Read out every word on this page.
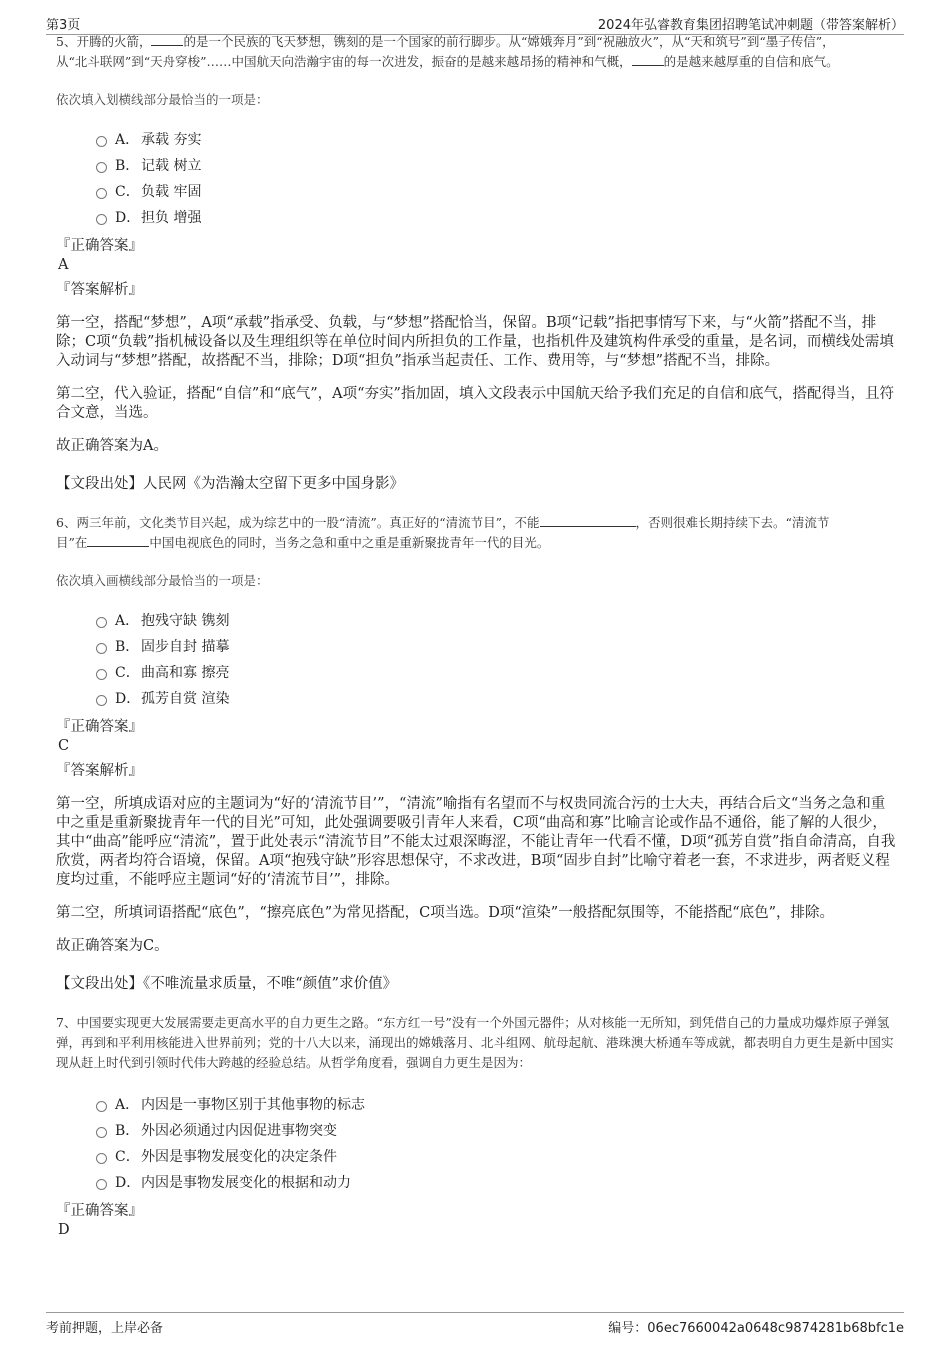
第3页	2024年弘睿教育集团招聘笔试冲刺题（带答案解析）

5、开腾的火箭，	的是一个民族的飞天梦想，镌刻的是一个国家的前行脚步。从“嫦娥奔月”到“祝融放火”，从“天和筑号”到“墨子传信”，
从“北斗联网”到“天舟穿梭”……中国航天向浩瀚宇宙的每一次进发，振奋的是越来越昂扬的精神和气概，	的是越来越厚重的自信和底气。

依次填入划横线部分最恰当的一项是：

A． 承载 夯实
B． 记载 树立
C． 负载 牢固
D． 担负 增强

『正确答案』

A

『答案解析』

第一空，搭配“梦想”，A项“承载”指承受、负载，与“梦想”搭配恰当，保留。B项“记载”指把事情写下来，与“火箭”搭配不当，排除；C项“负载”指机械设备以及生理组织等在单位时间内所担负的工作量，也指机件及建筑构件承受的重量，是名词，而横线处需填入动词与“梦想”搭配，故搭配不当，排除；D项“担负”指承当起责任、工作、费用等，与“梦想”搭配不当，排除。

第二空，代入验证，搭配“自信”和“底气”，A项“夯实”指加固，填入文段表示中国航天给予我们充足的自信和底气，搭配得当，且符合文意，当选。

故正确答案为A。

【文段出处】人民网《为浩瀚太空留下更多中国身影》

6、两三年前，文化类节目兴起，成为综艺中的一股“清流”。真正好的“清流节目”，不能	，否则很难长期持续下去。“清流节
目”在	中国电视底色的同时，当务之急和重中之重是重新聚拢青年一代的目光。

依次填入画横线部分最恰当的一项是：

A． 抱残守缺 镌刻
B． 固步自封 描摹
C． 曲高和寡 擦亮
D． 孤芳自赏 渲染

『正确答案』

C

『答案解析』

第一空，所填成语对应的主题词为“好的‘清流节目’”，“清流”喻指有名望而不与权贵同流合污的士大夫，再结合后文“当务之急和重中之重是重新聚拢青年一代的目光”可知，此处强调要吸引青年人来看，C项“曲高和寡”比喻言论或作品不通俗，能了解的人很少，其中“曲高”能呼应“清流”，置于此处表示“清流节目”不能太过艰深晦涩，不能让青年一代看不懂，D项“孤芳自赏”指自命清高，自我欣赏，两者均符合语境，保留。A项“抱残守缺”形容思想保守，不求改进，B项“固步自封”比喻守着老一套，不求进步，两者贬义程度均过重，不能呼应主题词“好的‘清流节目’”，排除。

第二空，所填词语搭配“底色”，“擦亮底色”为常见搭配，C项当选。D项“渲染”一般搭配氛围等，不能搭配“底色”，排除。

故正确答案为C。

【文段出处】《不唯流量求质量，不唯“颜值”求价值》

7、中国要实现更大发展需要走更高水平的自力更生之路。“东方红一号”没有一个外国元器件；从对核能一无所知，到凭借自己的力量成功爆炸原子弹氢弹，再到和平利用核能进入世界前列；党的十八大以来，涌现出的嫦娥落月、北斗组网、航母起航、港珠澳大桥通车等成就，都表明自力更生是新中国实现从赶上时代到引领时代伟大跨越的经验总结。从哲学角度看，强调自力更生是因为：

A． 内因是一事物区别于其他事物的标志
B． 外因必须通过内因促进事物突变
C． 外因是事物发展变化的决定条件
D． 内因是事物发展变化的根据和动力

『正确答案』

D

考前押题，上岸必备	编号：06ec7660042a0648c9874281b68bfc1e
